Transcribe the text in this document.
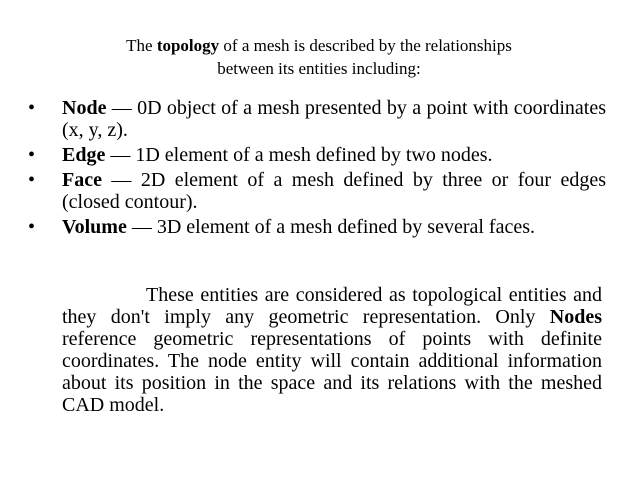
The topology of a mesh is described by the relationships
between its entities including:
• Node — 0D object of a mesh presented by a point with coordinates (x, y, z).
• Edge — 1D element of a mesh defined by two nodes.
• Face — 2D element of a mesh defined by three or four edges (closed contour).
• Volume — 3D element of a mesh defined by several faces.

These entities are considered as topological entities and they don't imply any geometric representation. Only Nodes reference geometric representations of points with definite coordinates. The node entity will contain additional information about its position in the space and its relations with the meshed CAD model.
